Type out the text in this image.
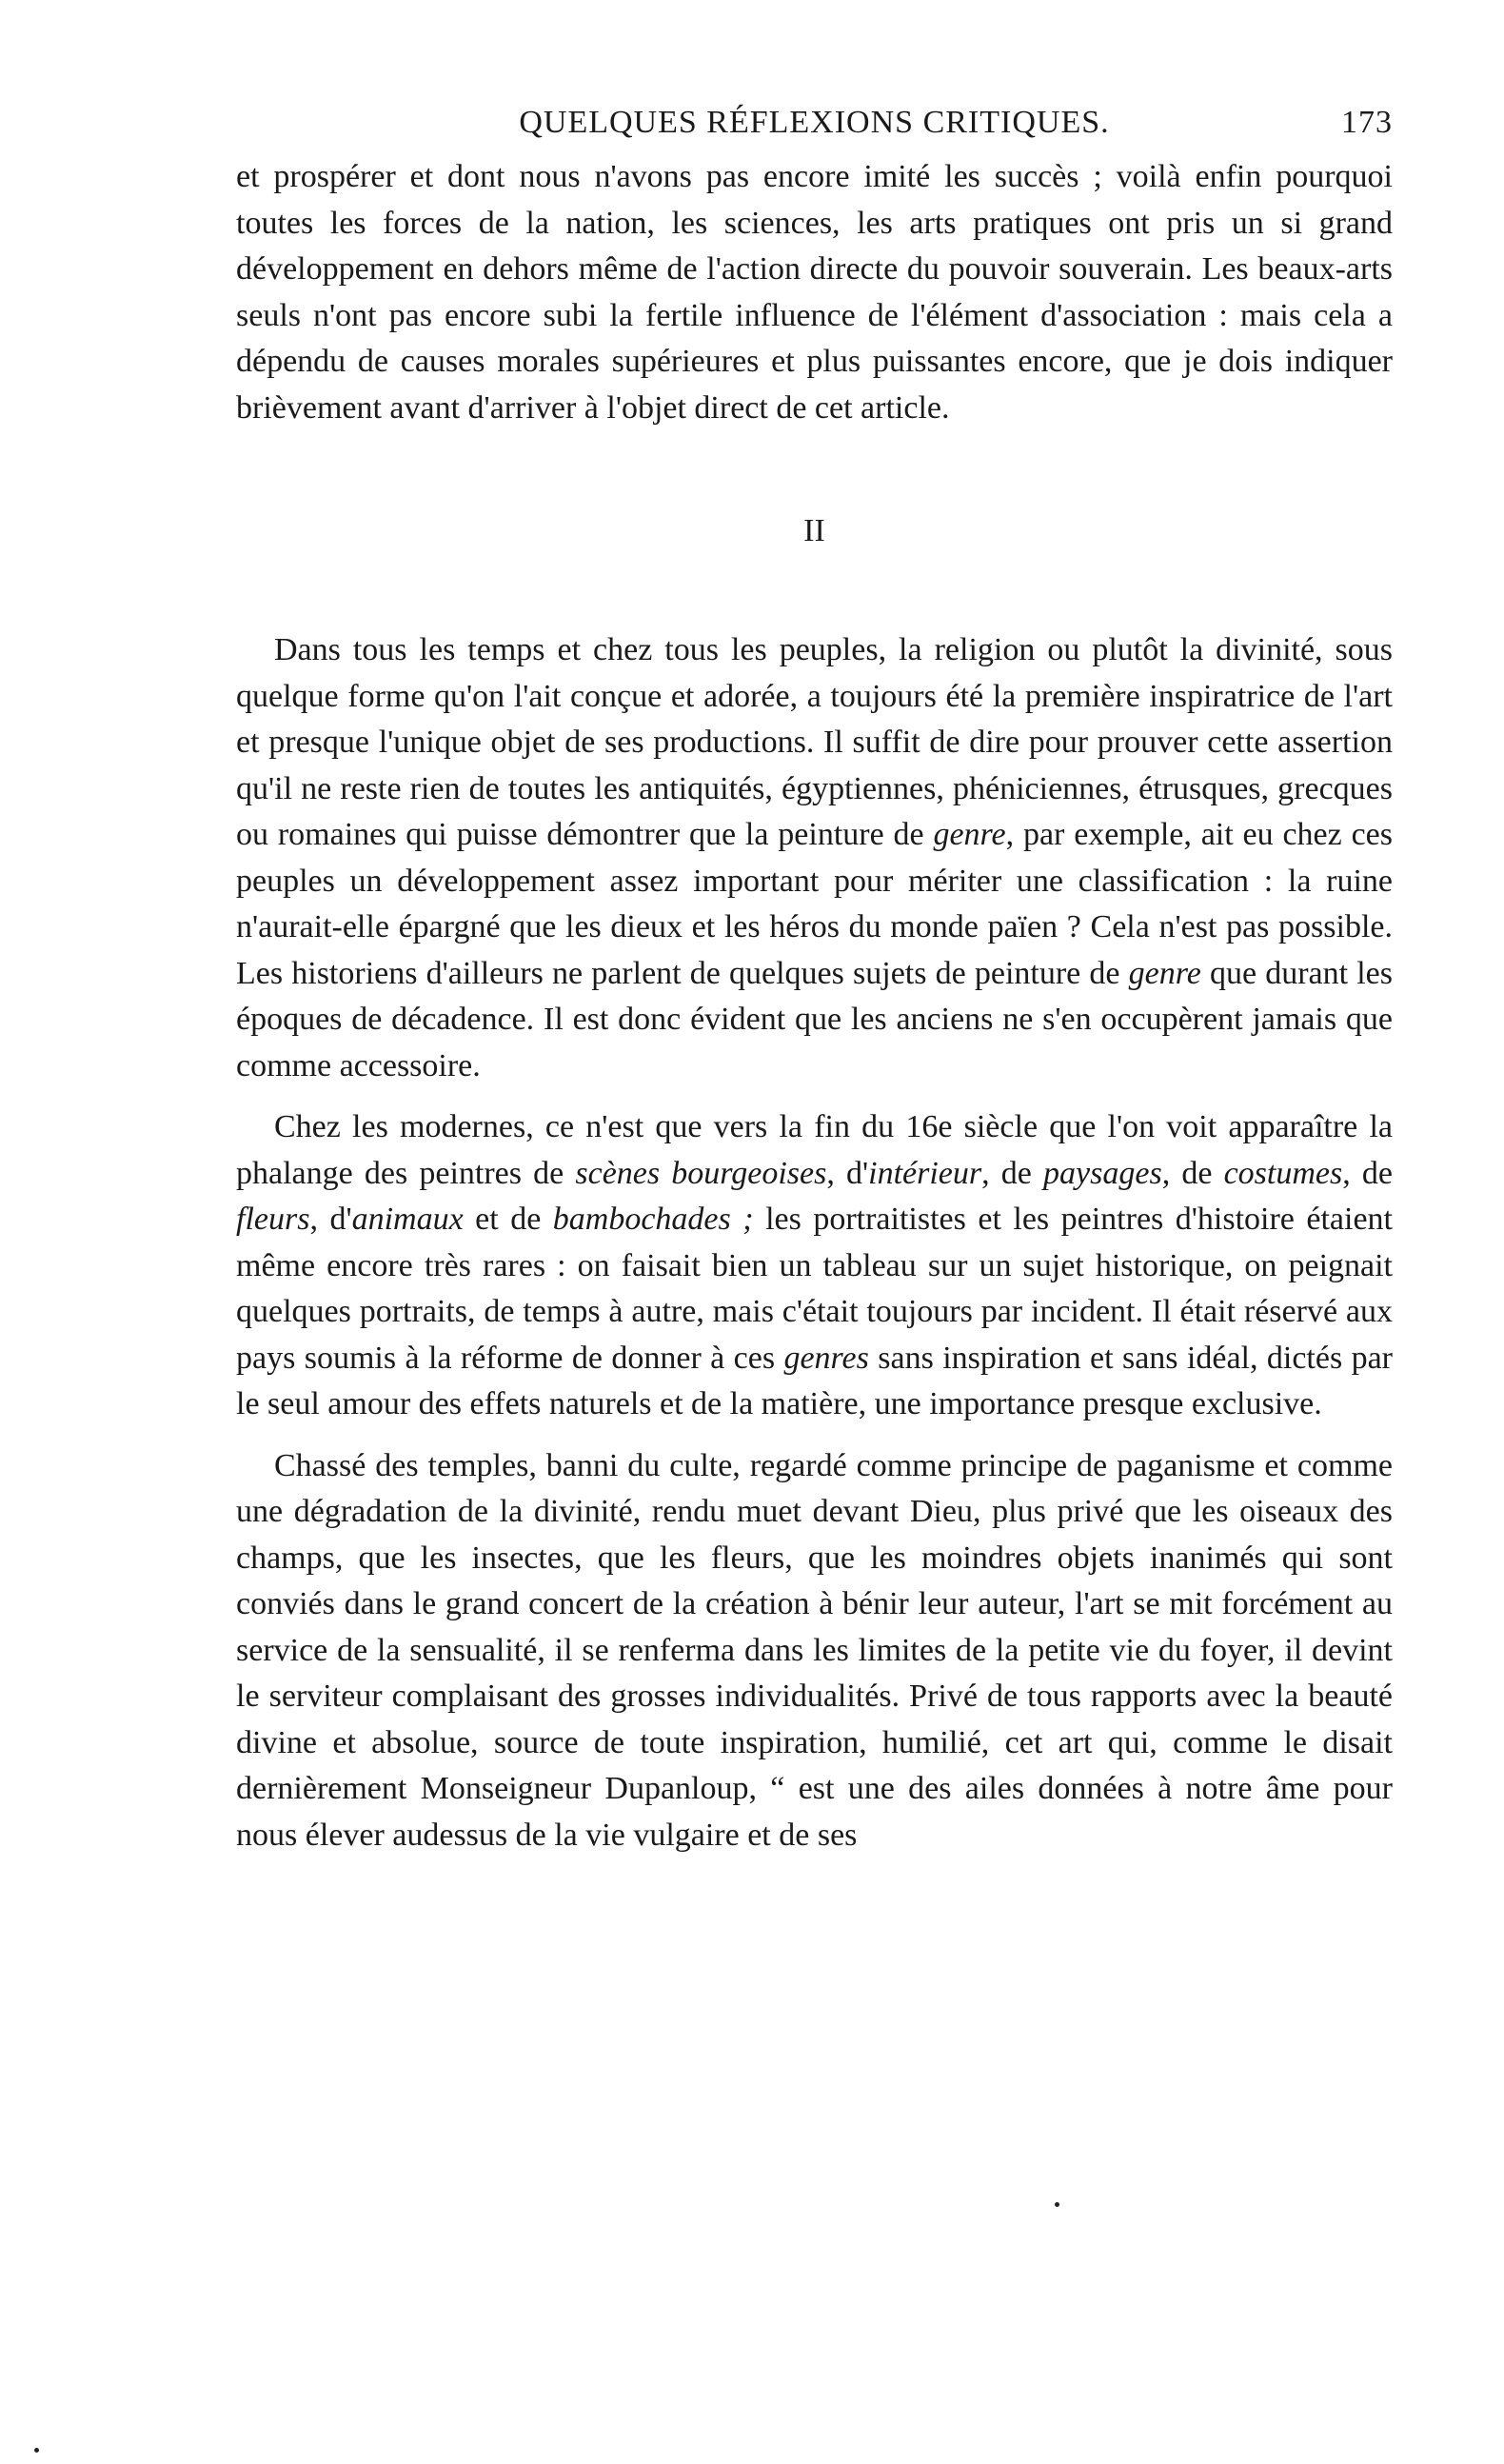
QUELQUES RÉFLEXIONS CRITIQUES.	173

et prospérer et dont nous n'avons pas encore imité les succès ; voilà enfin pourquoi toutes les forces de la nation, les sciences, les arts pratiques ont pris un si grand développement en dehors même de l'action directe du pouvoir souverain. Les beaux-arts seuls n'ont pas encore subi la fertile influence de l'élément d'association : mais cela a dépendu de causes morales supérieures et plus puissantes encore, que je dois indiquer brièvement avant d'arriver à l'objet direct de cet article.

II

Dans tous les temps et chez tous les peuples, la religion ou plutôt la divinité, sous quelque forme qu'on l'ait conçue et adorée, a toujours été la première inspiratrice de l'art et presque l'unique objet de ses productions. Il suffit de dire pour prouver cette assertion qu'il ne reste rien de toutes les antiquités, égyptiennes, phéniciennes, étrusques, grecques ou romaines qui puisse démontrer que la peinture de genre, par exemple, ait eu chez ces peuples un développement assez important pour mériter une classification : la ruine n'aurait-elle épargné que les dieux et les héros du monde païen ? Cela n'est pas possible. Les historiens d'ailleurs ne parlent de quelques sujets de peinture de genre que durant les époques de décadence. Il est donc évident que les anciens ne s'en occupèrent jamais que comme accessoire.

Chez les modernes, ce n'est que vers la fin du 16e siècle que l'on voit apparaître la phalange des peintres de scènes bourgeoises, d'intérieur, de paysages, de costumes, de fleurs, d'animaux et de bambochades ; les portraitistes et les peintres d'histoire étaient même encore très rares : on faisait bien un tableau sur un sujet historique, on peignait quelques portraits, de temps à autre, mais c'était toujours par incident. Il était réservé aux pays soumis à la réforme de donner à ces genres sans inspiration et sans idéal, dictés par le seul amour des effets naturels et de la matière, une importance presque exclusive.

Chassé des temples, banni du culte, regardé comme principe de paganisme et comme une dégradation de la divinité, rendu muet devant Dieu, plus privé que les oiseaux des champs, que les insectes, que les fleurs, que les moindres objets inanimés qui sont conviés dans le grand concert de la création à bénir leur auteur, l'art se mit forcément au service de la sensualité, il se renferma dans les limites de la petite vie du foyer, il devint le serviteur complaisant des grosses individualités. Privé de tous rapports avec la beauté divine et absolue, source de toute inspiration, humilié, cet art qui, comme le disait dernièrement Monseigneur Dupanloup, “ est une des ailes données à notre âme pour nous élever audessus de la vie vulgaire et de ses
